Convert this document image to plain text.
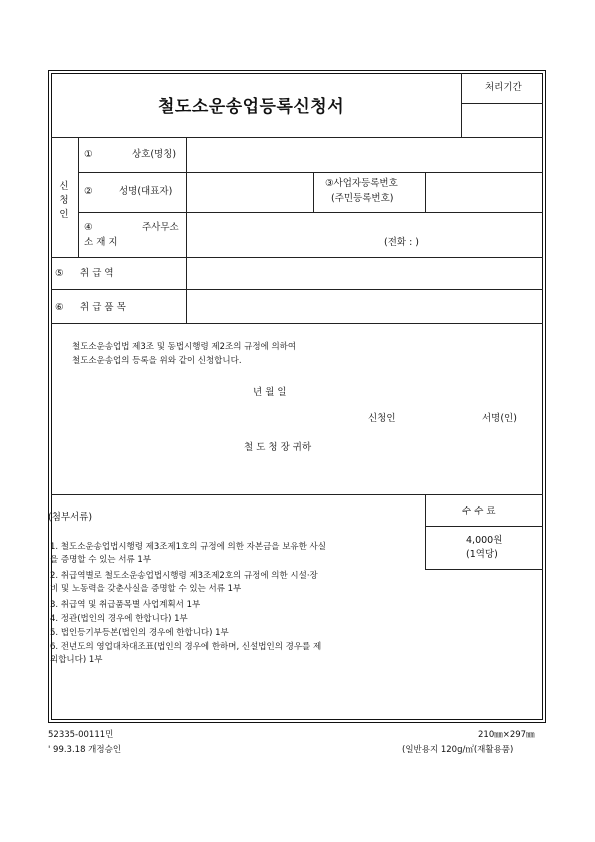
철도소운송업등록신청서
처리기간
신청인
①	상호(명칭)
②	성명(대표자)
③사업자등록번호
(주민등록번호)
④	주사무소
소 재 지	(전화 : )
⑤ 취 급 역
⑥ 취 급 품 목
철도소운송업법 제3조 및 동법시행령 제2조의 규정에 의하여
철도소운송업의 등록을 위와 같이 신청합니다.
년 월 일
신청인	서명(인)
철 도 청 장 귀하
(첨부서류)
수 수 료
4,000원
(1역당)
1. 철도소운송업법시행령 제3조제1호의 규정에 의한 자본금을 보유한 사실
을 증명할 수 있는 서류 1부
2. 취급역별로 철도소운송업법시행령 제3조제2호의 규정에 의한 시설·장
비 및 노동력을 갖춘사실을 증명할 수 있는 서류 1부
3. 취급역 및 취급품목별 사업계획서 1부
4. 정관(법인의 경우에 한합니다) 1부
5. 법인등기부등본(법인의 경우에 한합니다) 1부
6. 전년도의 영업대차대조표(법인의 경우에 한하며, 신설법인의 경우를 제
외합니다) 1부
52335-00111민
' 99.3.18 개정승인
210㎜×297㎜
(일반용지 120g/㎡(재활용품)
